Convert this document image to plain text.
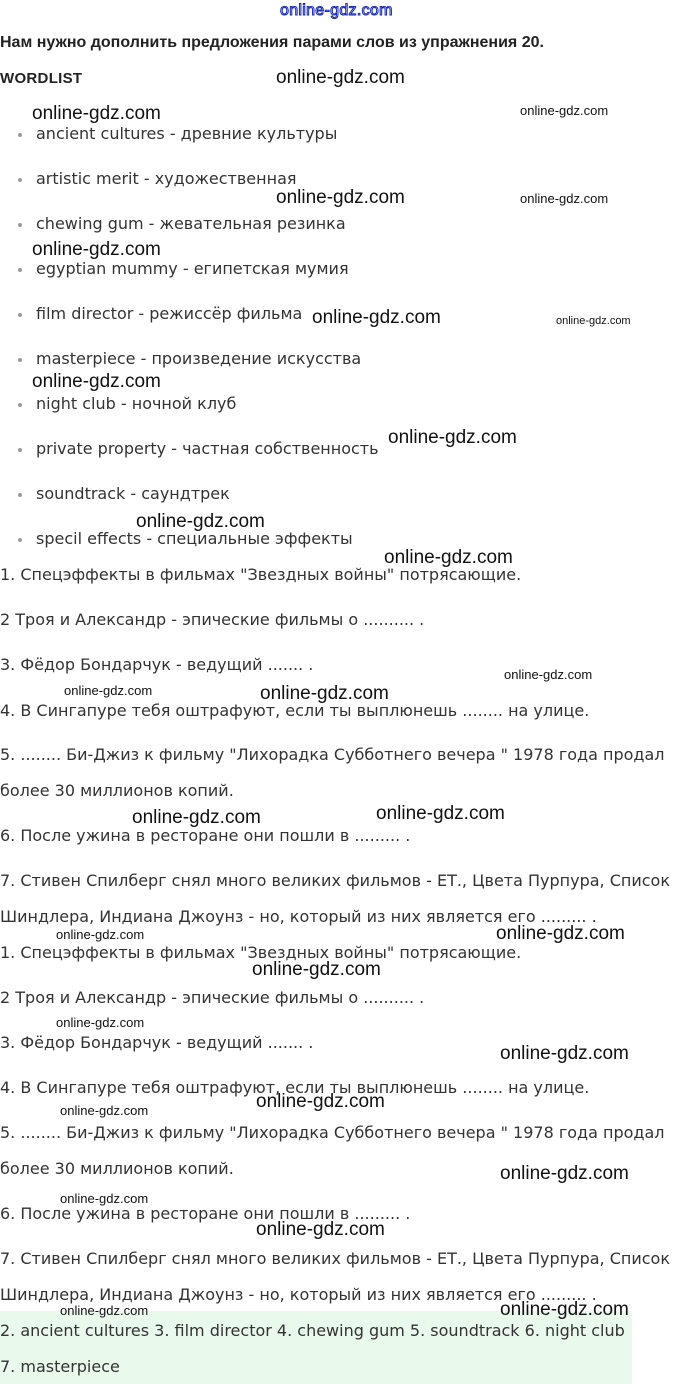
online-gdz.com
Нам нужно дополнить предложения парами слов из упражнения 20.
WORDLIST
ancient cultures - древние культуры
artistic merit - художественная
chewing gum - жевательная резинка
egyptian mummy - египетская мумия
film director - режиссёр фильма
masterpiece - произведение искусства
night club - ночной клуб
private property - частная собственность
soundtrack - саундтрек
specil effects - специальные эффекты
1. Спецэффекты в фильмах "Звездных войны" потрясающие.
2 Троя и Александр - эпические фильмы о .......... .
3. Фёдор Бондарчук - ведущий ....... .
4. В Сингапуре тебя оштрафуют, если ты выплюнешь ........ на улице.
5. ........ Би-Джиз к фильму "Лихорадка Субботнего вечера " 1978 года продал
более 30 миллионов копий.
6. После ужина в ресторане они пошли в ......... .
7. Стивен Спилберг снял много великих фильмов - ЕТ., Цвета Пурпура, Список
Шиндлера, Индиана Джоунз - но, который из них является его ......... .
1. Спецэффекты в фильмах "Звездных войны" потрясающие.
2 Троя и Александр - эпические фильмы о .......... .
3. Фёдор Бондарчук - ведущий ....... .
4. В Сингапуре тебя оштрафуют, если ты выплюнешь ........ на улице.
5. ........ Би-Джиз к фильму "Лихорадка Субботнего вечера " 1978 года продал
более 30 миллионов копий.
6. После ужина в ресторане они пошли в ......... .
7. Стивен Спилберг снял много великих фильмов - ЕТ., Цвета Пурпура, Список
Шиндлера, Индиана Джоунз - но, который из них является его ......... .
2. ancient cultures 3. film director 4. chewing gum 5. soundtrack 6. night club
7. masterpiece
online-gdz.com
online-gdz.com	online-gdz.com
online-gdz.com	online-gdz.com
online-gdz.com
online-gdz.com	online-gdz.com
online-gdz.com
online-gdz.com
online-gdz.com
online-gdz.com
online-gdz.com
online-gdz.com	online-gdz.com
online-gdz.com	online-gdz.com
online-gdz.com	online-gdz.com
online-gdz.com
online-gdz.com
online-gdz.com
online-gdz.com
online-gdz.com
online-gdz.com
online-gdz.com
online-gdz.com
online-gdz.com	online-gdz.com
